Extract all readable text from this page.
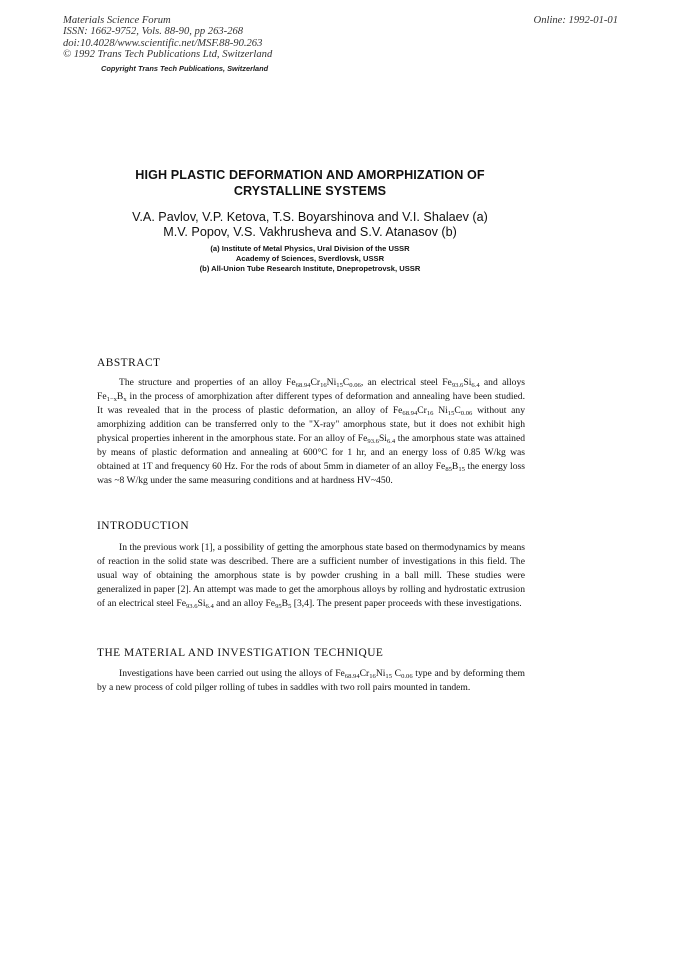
Materials Science Forum
ISSN: 1662-9752, Vols. 88-90, pp 263-268
doi:10.4028/www.scientific.net/MSF.88-90.263
© 1992 Trans Tech Publications Ltd, Switzerland
Online: 1992-01-01
Copyright Trans Tech Publications, Switzerland
HIGH PLASTIC DEFORMATION AND AMORPHIZATION OF
CRYSTALLINE SYSTEMS
V.A. Pavlov, V.P. Ketova, T.S. Boyarshinova and V.I. Shalaev (a)
M.V. Popov, V.S. Vakhrusheva and S.V. Atanasov (b)
(a) Institute of Metal Physics, Ural Division of the USSR
Academy of Sciences, Sverdlovsk, USSR
(b) All-Union Tube Research Institute, Dnepropetrovsk, USSR
ABSTRACT

The structure and properties of an alloy $Fe_{68.94}Cr_{16}Ni_{15}C_{0.06}$, an electrical steel $Fe_{93.6}Si_{6.4}$ and alloys $Fe_{1-x}B_x$ in the process of amorphization after different types of deformation and annealing have been studied. It was revealed that in the process of plastic deformation, an alloy of $Fe_{68.94}Cr_{16}$ $Ni_{15}C_{0.06}$ without any amorphizing addition can be transferred only to the "X-ray" amorphous state, but it does not exhibit high physical properties inherent in the amorphous state. For an alloy of $Fe_{93.6}Si_{6.4}$ the amorphous state was attained by means of plastic deformation and annealing at 600°C for 1 hr, and an energy loss of 0.85 W/kg was obtained at 1T and frequency 60 Hz. For the rods of about 5mm in diameter of an alloy $Fe_{85}B_{15}$ the energy loss was ~8 W/kg under the same measuring conditions and at hardness HV~450.

INTRODUCTION

In the previous work [1], a possibility of getting the amorphous state based on thermodynamics by means of reaction in the solid state was described. There are a sufficient number of investigations in this field. The usual way of obtaining the amorphous state is by powder crushing in a ball mill. These studies were generalized in paper [2]. An attempt was made to get the amorphous alloys by rolling and hydrostatic extrusion of an electrical steel $Fe_{93.6}Si_{6.4}$ and an alloy $Fe_{95}B_5$ [3,4]. The present paper proceeds with these investigations.

THE MATERIAL AND INVESTIGATION TECHNIQUE

Investigations have been carried out using the alloys of $Fe_{68.94}Cr_{16}Ni_{15}$ $C_{0.06}$ type and by deforming them by a new process of cold pilger rolling of tubes in saddles with two roll pairs mounted in tandem.
